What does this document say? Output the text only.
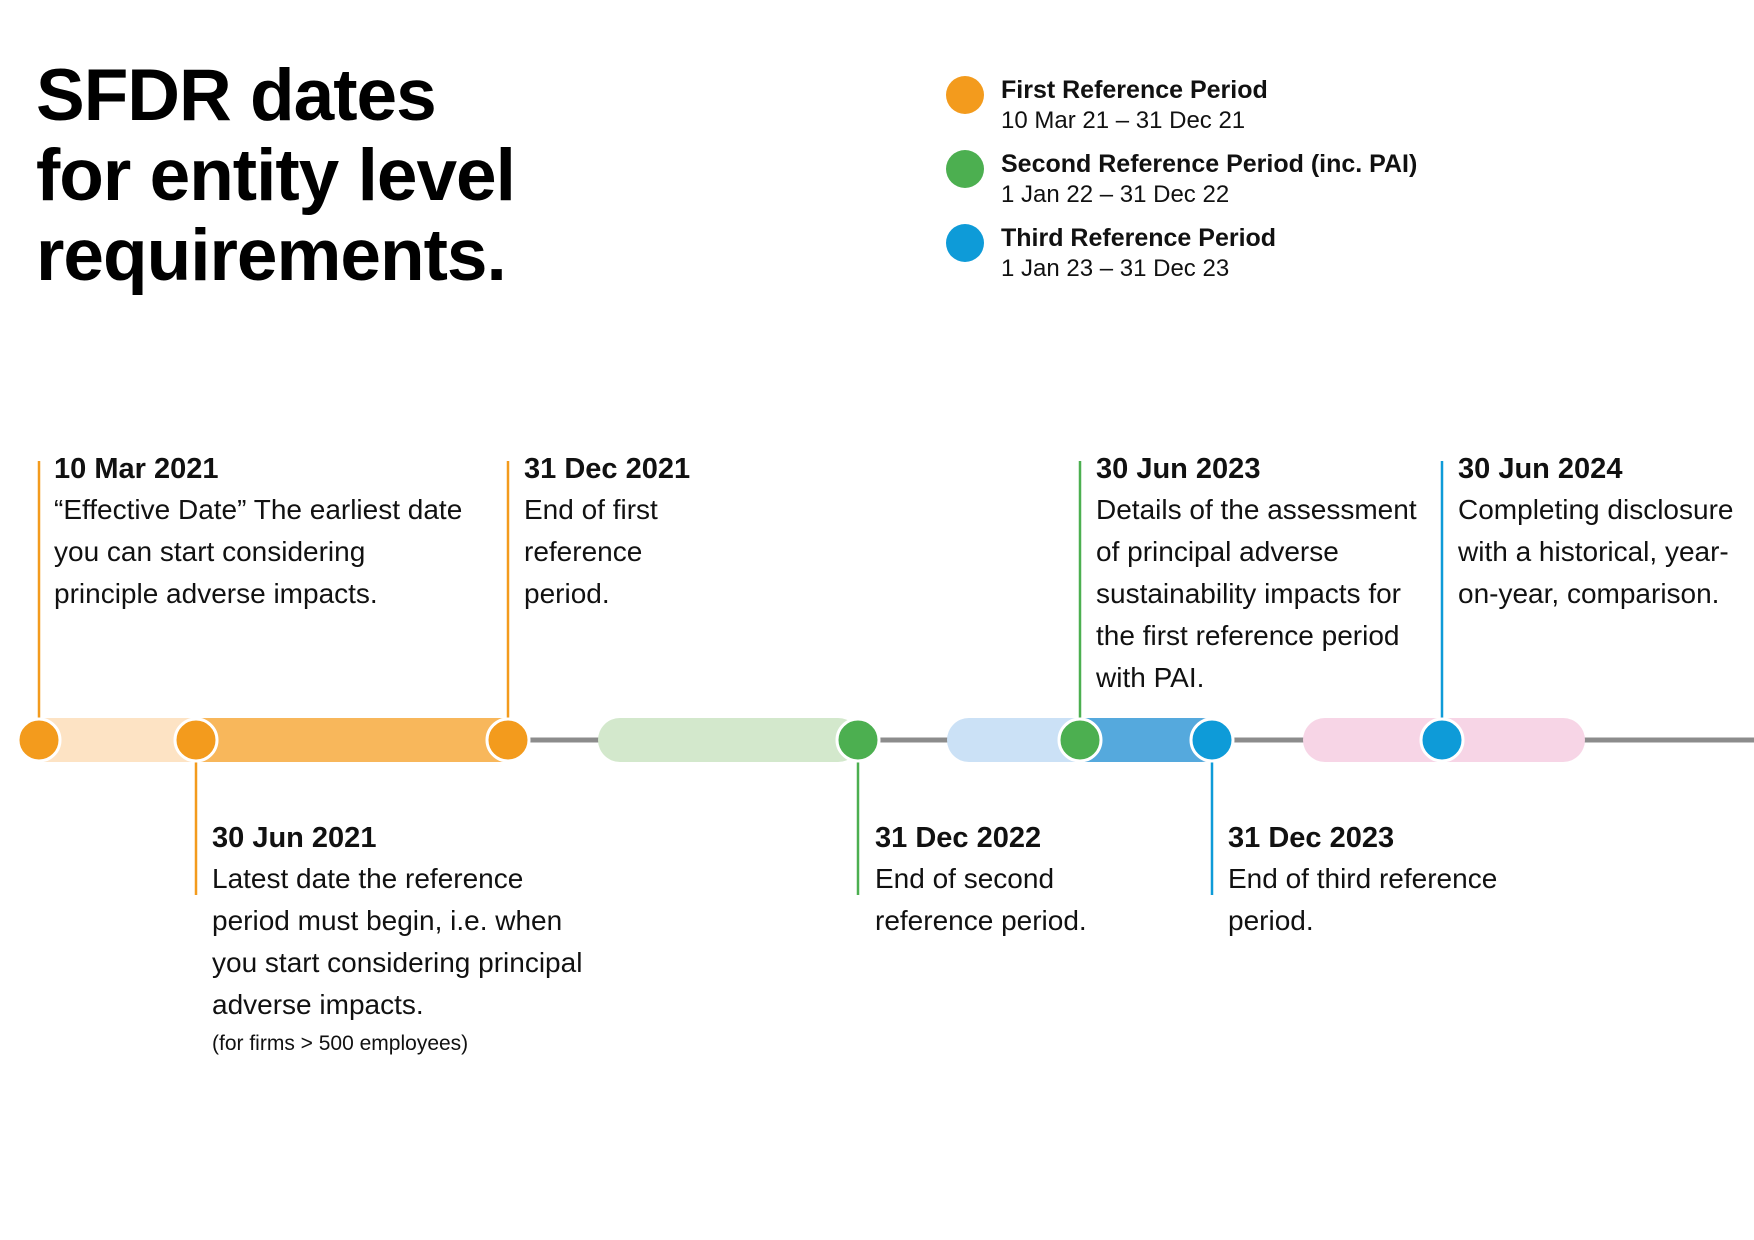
SFDR dates
for entity level
requirements.
First Reference Period
10 Mar 21 – 31 Dec 21
Second Reference Period (inc. PAI)
1 Jan 22 – 31 Dec 22
Third Reference Period
1 Jan 23 – 31 Dec 23
10 Mar 2021
“Effective Date” The earliest date you can start considering principle adverse impacts.
31 Dec 2021
End of first reference period.
30 Jun 2023
Details of the assessment of principal adverse sustainability impacts for the first reference period with PAI.
30 Jun 2024
Completing disclosure with a historical, year-on-year, comparison.
30 Jun 2021
Latest date the reference period must begin, i.e. when you start considering principal adverse impacts.
(for firms > 500 employees)
31 Dec 2022
End of second reference period.
31 Dec 2023
End of third reference period.
